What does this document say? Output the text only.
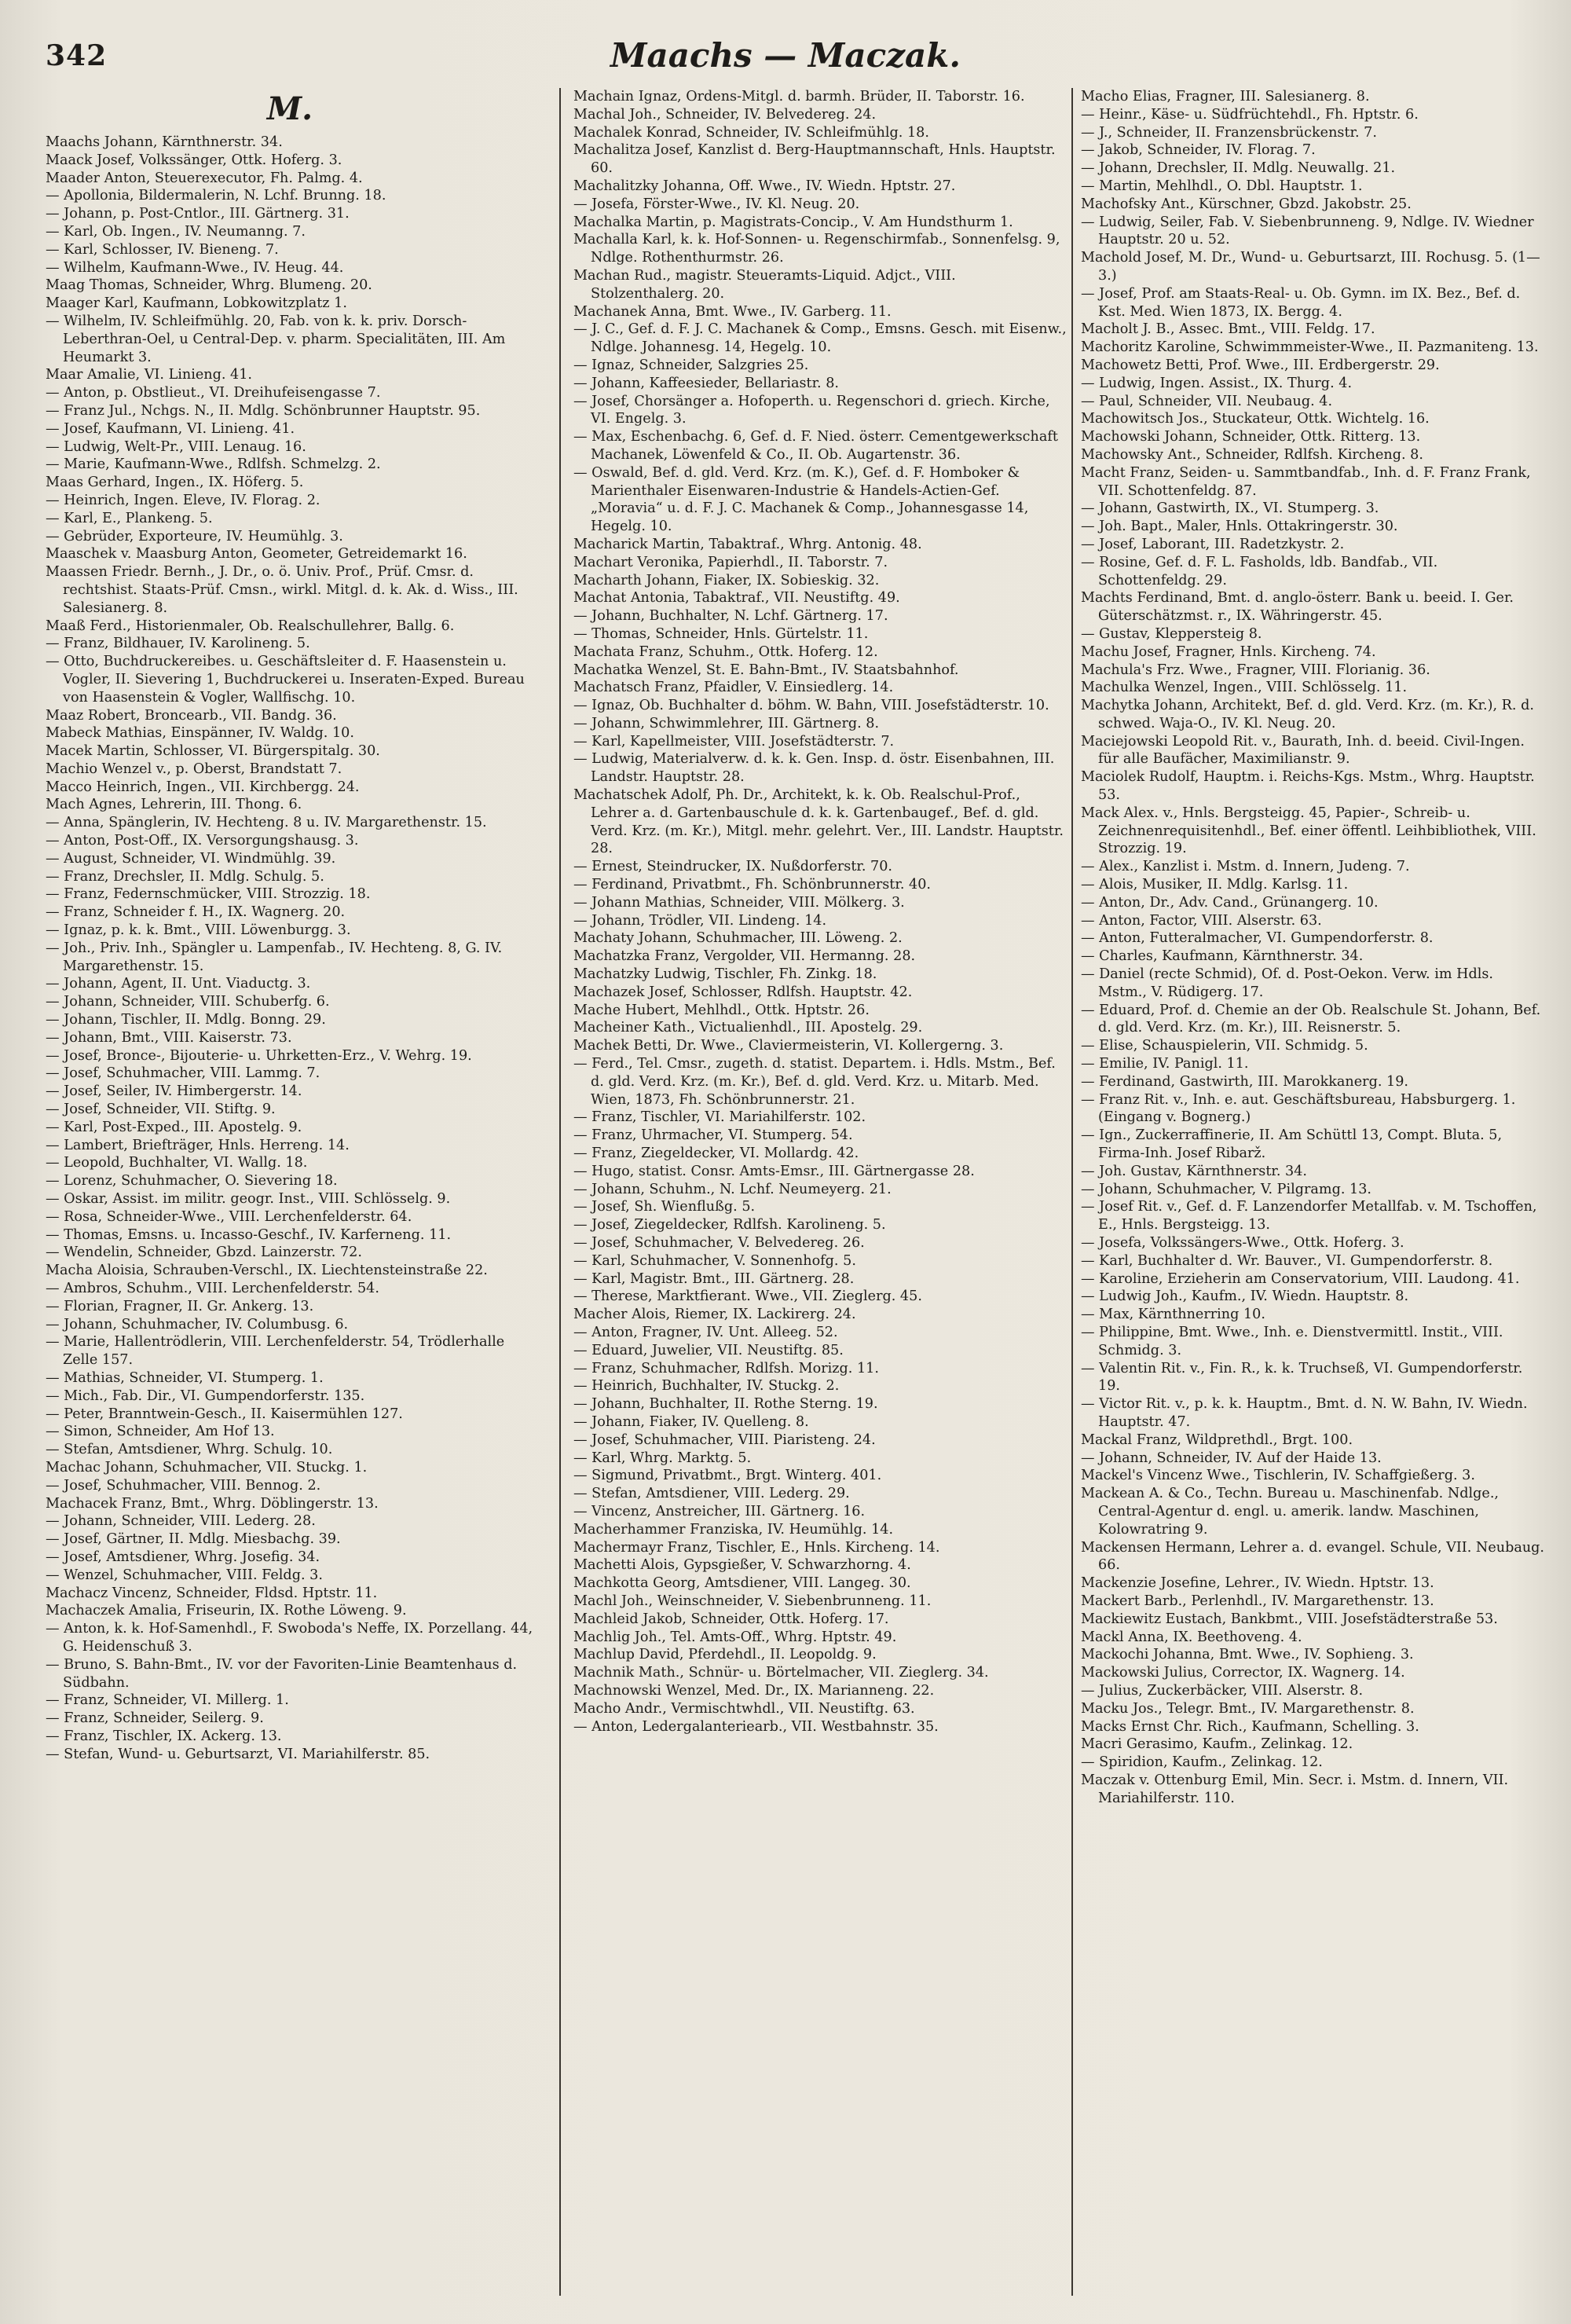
342	Maachs — Maczak.
M.

Maachs Johann, Kärnthnerstr. 34.

Maack Josef, Volkssänger, Ottk. Hoferg. 3.

Maader Anton, Steuerexecutor, Fh. Palmg. 4.

— Apollonia, Bildermalerin, N. Lchf. Brunng. 18.

— Johann, p. Post-Cntlor., III. Gärtnerg. 31.

— Karl, Ob. Ingen., IV. Neumanng. 7.

— Karl, Schlosser, IV. Bieneng. 7.

— Wilhelm, Kaufmann-Wwe., IV. Heug. 44.

Maag Thomas, Schneider, Whrg. Blumeng. 20.

Maager Karl, Kaufmann, Lobkowitzplatz 1.

— Wilhelm, IV. Schleifmühlg. 20, Fab. von k. k. priv. Dorsch-Leberthran-Oel, u Central-Dep. v. pharm. Specialitäten, III. Am Heumarkt 3.

Maar Amalie, VI. Linieng. 41.

— Anton, p. Obstlieut., VI. Dreihufeisengasse 7.

— Franz Jul., Nchgs. N., II. Mdlg. Schönbrunner Hauptstr. 95.

— Josef, Kaufmann, VI. Linieng. 41.

— Ludwig, Welt-Pr., VIII. Lenaug. 16.

— Marie, Kaufmann-Wwe., Rdlfsh. Schmelzg. 2.

Maas Gerhard, Ingen., IX. Höferg. 5.

— Heinrich, Ingen. Eleve, IV. Florag. 2.

— Karl, E., Plankeng. 5.

— Gebrüder, Exporteure, IV. Heumühlg. 3.

Maaschek v. Maasburg Anton, Geometer, Getreidemarkt 16.

Maassen Friedr. Bernh., J. Dr., o. ö. Univ. Prof., Prüf. Cmsr. d. rechtshist. Staats-Prüf. Cmsn., wirkl. Mitgl. d. k. Ak. d. Wiss., III. Salesianerg. 8.

Maaß Ferd., Historienmaler, Ob. Realschullehrer, Ballg. 6.

— Franz, Bildhauer, IV. Karolineng. 5.

— Otto, Buchdruckereibes. u. Geschäftsleiter d. F. Haasenstein u. Vogler, II. Sievering 1, Buchdruckerei u. Inseraten-Exped. Bureau von Haasenstein & Vogler, Wallfischg. 10.

Maaz Robert, Broncearb., VII. Bandg. 36.

Mabeck Mathias, Einspänner, IV. Waldg. 10.

Macek Martin, Schlosser, VI. Bürgerspitalg. 30.

Machio Wenzel v., p. Oberst, Brandstatt 7.

Macco Heinrich, Ingen., VII. Kirchbergg. 24.

Mach Agnes, Lehrerin, III. Thong. 6.

— Anna, Spänglerin, IV. Hechteng. 8 u. IV. Margarethenstr. 15.

— Anton, Post-Off., IX. Versorgungshausg. 3.

— August, Schneider, VI. Windmühlg. 39.

— Franz, Drechsler, II. Mdlg. Schulg. 5.

— Franz, Federnschmücker, VIII. Strozzig. 18.

— Franz, Schneider f. H., IX. Wagnerg. 20.

— Ignaz, p. k. k. Bmt., VIII. Löwenburgg. 3.

— Joh., Priv. Inh., Spängler u. Lampenfab., IV. Hechteng. 8, G. IV. Margarethenstr. 15.

— Johann, Agent, II. Unt. Viaductg. 3.

— Johann, Schneider, VIII. Schuberfg. 6.

— Johann, Tischler, II. Mdlg. Bonng. 29.

— Johann, Bmt., VIII. Kaiserstr. 73.

— Josef, Bronce-, Bijouterie- u. Uhrketten-Erz., V. Wehrg. 19.

— Josef, Schuhmacher, VIII. Lammg. 7.

— Josef, Seiler, IV. Himbergerstr. 14.

— Josef, Schneider, VII. Stiftg. 9.

— Karl, Post-Exped., III. Apostelg. 9.

— Lambert, Briefträger, Hnls. Herreng. 14.

— Leopold, Buchhalter, VI. Wallg. 18.

— Lorenz, Schuhmacher, O. Sievering 18.

— Oskar, Assist. im militr. geogr. Inst., VIII. Schlösselg. 9.

— Rosa, Schneider-Wwe., VIII. Lerchenfelderstr. 64.

— Thomas, Emsns. u. Incasso-Geschf., IV. Karferneng. 11.

— Wendelin, Schneider, Gbzd. Lainzerstr. 72.

Macha Aloisia, Schrauben-Verschl., IX. Liechtensteinstraße 22.

— Ambros, Schuhm., VIII. Lerchenfelderstr. 54.

— Florian, Fragner, II. Gr. Ankerg. 13.

— Johann, Schuhmacher, IV. Columbusg. 6.

— Marie, Hallentrödlerin, VIII. Lerchenfelderstr. 54, Trödlerhalle Zelle 157.

— Mathias, Schneider, VI. Stumperg. 1.

— Mich., Fab. Dir., VI. Gumpendorferstr. 135.

— Peter, Branntwein-Gesch., II. Kaisermühlen 127.

— Simon, Schneider, Am Hof 13.

— Stefan, Amtsdiener, Whrg. Schulg. 10.

Machac Johann, Schuhmacher, VII. Stuckg. 1.

— Josef, Schuhmacher, VIII. Bennog. 2.

Machacek Franz, Bmt., Whrg. Döblingerstr. 13.

— Johann, Schneider, VIII. Lederg. 28.

— Josef, Gärtner, II. Mdlg. Miesbachg. 39.

— Josef, Amtsdiener, Whrg. Josefig. 34.

— Wenzel, Schuhmacher, VIII. Feldg. 3.

Machacz Vincenz, Schneider, Fldsd. Hptstr. 11.

Machaczek Amalia, Friseurin, IX. Rothe Löweng. 9.

— Anton, k. k. Hof-Samenhdl., F. Swoboda's Neffe, IX. Porzellang. 44, G. Heidenschuß 3.

— Bruno, S. Bahn-Bmt., IV. vor der Favoriten-Linie Beamtenhaus d. Südbahn.

— Franz, Schneider, VI. Millerg. 1.

— Franz, Schneider, Seilerg. 9.

— Franz, Tischler, IX. Ackerg. 13.

— Stefan, Wund- u. Geburtsarzt, VI. Mariahilferstr. 85.

Machain Ignaz, Ordens-Mitgl. d. barmh. Brüder, II. Taborstr. 16.

Machal Joh., Schneider, IV. Belvedereg. 24.

Machalek Konrad, Schneider, IV. Schleifmühlg. 18.

Machalitza Josef, Kanzlist d. Berg-Hauptmannschaft, Hnls. Hauptstr. 60.

Machalitzky Johanna, Off. Wwe., IV. Wiedn. Hptstr. 27.

— Josefa, Förster-Wwe., IV. Kl. Neug. 20.

Machalka Martin, p. Magistrats-Concip., V. Am Hundsthurm 1.

Machalla Karl, k. k. Hof-Sonnen- u. Regenschirmfab., Sonnenfelsg. 9, Ndlge. Rothenthurmstr. 26.

Machan Rud., magistr. Steueramts-Liquid. Adjct., VIII. Stolzenthalerg. 20.

Machanek Anna, Bmt. Wwe., IV. Garberg. 11.

— J. C., Gef. d. F. J. C. Machanek & Comp., Emsns. Gesch. mit Eisenw., Ndlge. Johannesg. 14, Hegelg. 10.

— Ignaz, Schneider, Salzgries 25.

— Johann, Kaffeesieder, Bellariastr. 8.

— Josef, Chorsänger a. Hofoperth. u. Regenschori d. griech. Kirche, VI. Engelg. 3.

— Max, Eschenbachg. 6, Gef. d. F. Nied. österr. Cementgewerkschaft Machanek, Löwenfeld & Co., II. Ob. Augartenstr. 36.

— Oswald, Bef. d. gld. Verd. Krz. (m. K.), Gef. d. F. Homboker & Marienthaler Eisenwaren-Industrie & Handels-Actien-Gef. „Moravia“ u. d. F. J. C. Machanek & Comp., Johannesgasse 14, Hegelg. 10.

Macharick Martin, Tabaktraf., Whrg. Antonig. 48.

Machart Veronika, Papierhdl., II. Taborstr. 7.

Macharth Johann, Fiaker, IX. Sobieskig. 32.

Machat Antonia, Tabaktraf., VII. Neustiftg. 49.

— Johann, Buchhalter, N. Lchf. Gärtnerg. 17.

— Thomas, Schneider, Hnls. Gürtelstr. 11.

Machata Franz, Schuhm., Ottk. Hoferg. 12.

Machatka Wenzel, St. E. Bahn-Bmt., IV. Staatsbahnhof.

Machatsch Franz, Pfaidler, V. Einsiedlerg. 14.

— Ignaz, Ob. Buchhalter d. böhm. W. Bahn, VIII. Josefstädterstr. 10.

— Johann, Schwimmlehrer, III. Gärtnerg. 8.

— Karl, Kapellmeister, VIII. Josefstädterstr. 7.

— Ludwig, Materialverw. d. k. k. Gen. Insp. d. östr. Eisenbahnen, III. Landstr. Hauptstr. 28.

Machatschek Adolf, Ph. Dr., Architekt, k. k. Ob. Realschul-Prof., Lehrer a. d. Gartenbauschule d. k. k. Gartenbaugef., Bef. d. gld. Verd. Krz. (m. Kr.), Mitgl. mehr. gelehrt. Ver., III. Landstr. Hauptstr. 28.

— Ernest, Steindrucker, IX. Nußdorferstr. 70.

— Ferdinand, Privatbmt., Fh. Schönbrunnerstr. 40.

— Johann Mathias, Schneider, VIII. Mölkerg. 3.

— Johann, Trödler, VII. Lindeng. 14.

Machaty Johann, Schuhmacher, III. Löweng. 2.

Machatzka Franz, Vergolder, VII. Hermanng. 28.

Machatzky Ludwig, Tischler, Fh. Zinkg. 18.

Machazek Josef, Schlosser, Rdlfsh. Hauptstr. 42.

Mache Hubert, Mehlhdl., Ottk. Hptstr. 26.

Macheiner Kath., Victualienhdl., III. Apostelg. 29.

Machek Betti, Dr. Wwe., Claviermeisterin, VI. Kollergerng. 3.

— Ferd., Tel. Cmsr., zugeth. d. statist. Departem. i. Hdls. Mstm., Bef. d. gld. Verd. Krz. (m. Kr.), Bef. d. gld. Verd. Krz. u. Mitarb. Med. Wien, 1873, Fh. Schönbrunnerstr. 21.

— Franz, Tischler, VI. Mariahilferstr. 102.

— Franz, Uhrmacher, VI. Stumperg. 54.

— Franz, Ziegeldecker, VI. Mollardg. 42.

— Hugo, statist. Consr. Amts-Emsr., III. Gärtnergasse 28.

— Johann, Schuhm., N. Lchf. Neumeyerg. 21.

— Josef, Sh. Wienflußg. 5.

— Josef, Ziegeldecker, Rdlfsh. Karolineng. 5.

— Josef, Schuhmacher, V. Belvedereg. 26.

— Karl, Schuhmacher, V. Sonnenhofg. 5.

— Karl, Magistr. Bmt., III. Gärtnerg. 28.

— Therese, Marktfierant. Wwe., VII. Zieglerg. 45.

Macher Alois, Riemer, IX. Lackirerg. 24.

— Anton, Fragner, IV. Unt. Alleeg. 52.

— Eduard, Juwelier, VII. Neustiftg. 85.

— Franz, Schuhmacher, Rdlfsh. Morizg. 11.

— Heinrich, Buchhalter, IV. Stuckg. 2.

— Johann, Buchhalter, II. Rothe Sterng. 19.

— Johann, Fiaker, IV. Quelleng. 8.

— Josef, Schuhmacher, VIII. Piaristeng. 24.

— Karl, Whrg. Marktg. 5.

— Sigmund, Privatbmt., Brgt. Winterg. 401.

— Stefan, Amtsdiener, VIII. Lederg. 29.

— Vincenz, Anstreicher, III. Gärtnerg. 16.

Macherhammer Franziska, IV. Heumühlg. 14.

Machermayr Franz, Tischler, E., Hnls. Kircheng. 14.

Machetti Alois, Gypsgießer, V. Schwarzhorng. 4.

Machkotta Georg, Amtsdiener, VIII. Langeg. 30.

Machl Joh., Weinschneider, V. Siebenbrunneng. 11.

Machleid Jakob, Schneider, Ottk. Hoferg. 17.

Machlig Joh., Tel. Amts-Off., Whrg. Hptstr. 49.

Machlup David, Pferdehdl., II. Leopoldg. 9.

Machnik Math., Schnür- u. Börtelmacher, VII. Zieglerg. 34.

Machnowski Wenzel, Med. Dr., IX. Marianneng. 22.

Macho Andr., Vermischtwhdl., VII. Neustiftg. 63.

— Anton, Ledergalanteriearb., VII. Westbahnstr. 35.

Macho Elias, Fragner, III. Salesianerg. 8.

— Heinr., Käse- u. Südfrüchtehdl., Fh. Hptstr. 6.

— J., Schneider, II. Franzensbrückenstr. 7.

— Jakob, Schneider, IV. Florag. 7.

— Johann, Drechsler, II. Mdlg. Neuwallg. 21.

— Martin, Mehlhdl., O. Dbl. Hauptstr. 1.

Machofsky Ant., Kürschner, Gbzd. Jakobstr. 25.

— Ludwig, Seiler, Fab. V. Siebenbrunneng. 9, Ndlge. IV. Wiedner Hauptstr. 20 u. 52.

Machold Josef, M. Dr., Wund- u. Geburtsarzt, III. Rochusg. 5. (1—3.)

— Josef, Prof. am Staats-Real- u. Ob. Gymn. im IX. Bez., Bef. d. Kst. Med. Wien 1873, IX. Bergg. 4.

Macholt J. B., Assec. Bmt., VIII. Feldg. 17.

Machoritz Karoline, Schwimmmeister-Wwe., II. Pazmaniteng. 13.

Machowetz Betti, Prof. Wwe., III. Erdbergerstr. 29.

— Ludwig, Ingen. Assist., IX. Thurg. 4.

— Paul, Schneider, VII. Neubaug. 4.

Machowitsch Jos., Stuckateur, Ottk. Wichtelg. 16.

Machowski Johann, Schneider, Ottk. Ritterg. 13.

Machowsky Ant., Schneider, Rdlfsh. Kircheng. 8.

Macht Franz, Seiden- u. Sammtbandfab., Inh. d. F. Franz Frank, VII. Schottenfeldg. 87.

— Johann, Gastwirth, IX., VI. Stumperg. 3.

— Joh. Bapt., Maler, Hnls. Ottakringerstr. 30.

— Josef, Laborant, III. Radetzkystr. 2.

— Rosine, Gef. d. F. L. Fasholds, ldb. Bandfab., VII. Schottenfeldg. 29.

Machts Ferdinand, Bmt. d. anglo-österr. Bank u. beeid. I. Ger. Güterschätzmst. r., IX. Währingerstr. 45.

— Gustav, Kleppersteig 8.

Machu Josef, Fragner, Hnls. Kircheng. 74.

Machula's Frz. Wwe., Fragner, VIII. Florianig. 36.

Machulka Wenzel, Ingen., VIII. Schlösselg. 11.

Machytka Johann, Architekt, Bef. d. gld. Verd. Krz. (m. Kr.), R. d. schwed. Waja-O., IV. Kl. Neug. 20.

Maciejowski Leopold Rit. v., Baurath, Inh. d. beeid. Civil-Ingen. für alle Baufächer, Maximilianstr. 9.

Maciolek Rudolf, Hauptm. i. Reichs-Kgs. Mstm., Whrg. Hauptstr. 53.

Mack Alex. v., Hnls. Bergsteigg. 45, Papier-, Schreib- u. Zeichnenrequisitenhdl., Bef. einer öffentl. Leihbibliothek, VIII. Strozzig. 19.

— Alex., Kanzlist i. Mstm. d. Innern, Judeng. 7.

— Alois, Musiker, II. Mdlg. Karlsg. 11.

— Anton, Dr., Adv. Cand., Grünangerg. 10.

— Anton, Factor, VIII. Alserstr. 63.

— Anton, Futteralmacher, VI. Gumpendorferstr. 8.

— Charles, Kaufmann, Kärnthnerstr. 34.

— Daniel (recte Schmid), Of. d. Post-Oekon. Verw. im Hdls. Mstm., V. Rüdigerg. 17.

— Eduard, Prof. d. Chemie an der Ob. Realschule St. Johann, Bef. d. gld. Verd. Krz. (m. Kr.), III. Reisnerstr. 5.

— Elise, Schauspielerin, VII. Schmidg. 5.

— Emilie, IV. Panigl. 11.

— Ferdinand, Gastwirth, III. Marokkanerg. 19.

— Franz Rit. v., Inh. e. aut. Geschäftsbureau, Habsburgerg. 1. (Eingang v. Bognerg.)

— Ign., Zuckerraffinerie, II. Am Schüttl 13, Compt. Bluta. 5, Firma-Inh. Josef Ribarž.

— Joh. Gustav, Kärnthnerstr. 34.

— Johann, Schuhmacher, V. Pilgramg. 13.

— Josef Rit. v., Gef. d. F. Lanzendorfer Metallfab. v. M. Tschoffen, E., Hnls. Bergsteigg. 13.

— Josefa, Volkssängers-Wwe., Ottk. Hoferg. 3.

— Karl, Buchhalter d. Wr. Bauver., VI. Gumpendorferstr. 8.

— Karoline, Erzieherin am Conservatorium, VIII. Laudong. 41.

— Ludwig Joh., Kaufm., IV. Wiedn. Hauptstr. 8.

— Max, Kärnthnerring 10.

— Philippine, Bmt. Wwe., Inh. e. Dienstvermittl. Instit., VIII. Schmidg. 3.

— Valentin Rit. v., Fin. R., k. k. Truchseß, VI. Gumpendorferstr. 19.

— Victor Rit. v., p. k. k. Hauptm., Bmt. d. N. W. Bahn, IV. Wiedn. Hauptstr. 47.

Mackal Franz, Wildprethdl., Brgt. 100.

— Johann, Schneider, IV. Auf der Haide 13.

Mackel's Vincenz Wwe., Tischlerin, IV. Schaffgießerg. 3.

Mackean A. & Co., Techn. Bureau u. Maschinenfab. Ndlge., Central-Agentur d. engl. u. amerik. landw. Maschinen, Kolowratring 9.

Mackensen Hermann, Lehrer a. d. evangel. Schule, VII. Neubaug. 66.

Mackenzie Josefine, Lehrer., IV. Wiedn. Hptstr. 13.

Mackert Barb., Perlenhdl., IV. Margarethenstr. 13.

Mackiewitz Eustach, Bankbmt., VIII. Josefstädterstraße 53.

Mackl Anna, IX. Beethoveng. 4.

Mackochi Johanna, Bmt. Wwe., IV. Sophieng. 3.

Mackowski Julius, Corrector, IX. Wagnerg. 14.

— Julius, Zuckerbäcker, VIII. Alserstr. 8.

Macku Jos., Telegr. Bmt., IV. Margarethenstr. 8.

Macks Ernst Chr. Rich., Kaufmann, Schelling. 3.

Macri Gerasimo, Kaufm., Zelinkag. 12.

— Spiridion, Kaufm., Zelinkag. 12.

Maczak v. Ottenburg Emil, Min. Secr. i. Mstm. d. Innern, VII. Mariahilferstr. 110.
